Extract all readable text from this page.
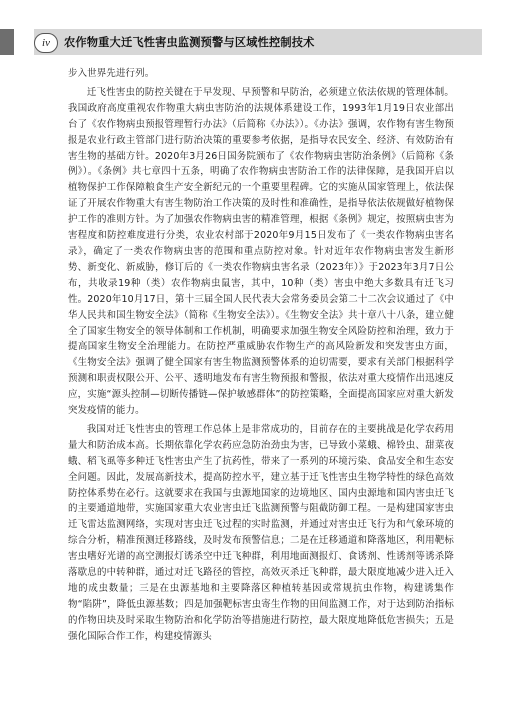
iv	农作物重大迁飞性害虫监测预警与区域性控制技术

步入世界先进行列。

迁飞性害虫的防控关键在于早发现、早预警和早防治，必须建立依法依规的管理体制。我国政府高度重视农作物重大病虫害防治的法规体系建设工作，1993年1月19日农业部出台了《农作物病虫预报管理暂行办法》（后简称《办法》）。《办法》强调，农作物有害生物预报是农业行政主管部门进行防治决策的重要参考依据，是指导农民安全、经济、有效防治有害生物的基础方针。2020年3月26日国务院颁布了《农作物病虫害防治条例》（后简称《条例》）。《条例》共七章四十五条，明确了农作物病虫害防治工作的法律保障，是我国开启以植物保护工作保障粮食生产安全新纪元的一个重要里程碑。它的实施从国家管理上，依法保证了开展农作物重大有害生物防治工作决策的及时性和准确性，是指导依法依规做好植物保护工作的准则方针。为了加强农作物病虫害的精准管理，根据《条例》规定，按照病虫害为害程度和防控难度进行分类，农业农村部于2020年9月15日发布了《一类农作物病虫害名录》，确定了一类农作物病虫害的范围和重点防控对象。针对近年农作物病虫害发生新形势、新变化、新威胁，修订后的《一类农作物病虫害名录（2023年）》于2023年3月7日公布，共收录19种（类）农作物病虫鼠害，其中，10种（类）害虫中绝大多数具有迁飞习性。2020年10月17日，第十三届全国人民代表大会常务委员会第二十二次会议通过了《中华人民共和国生物安全法》（简称《生物安全法》）。《生物安全法》共十章八十八条，建立健全了国家生物安全的领导体制和工作机制，明确要求加强生物安全风险防控和治理，致力于提高国家生物安全治理能力。在防控严重威胁农作物生产的高风险新发和突发害虫方面，《生物安全法》强调了健全国家有害生物监测预警体系的迫切需要，要求有关部门根据科学预测和职责权限公开、公平、透明地发布有害生物预报和警报，依法对重大疫情作出迅速反应，实施“源头控制—切断传播链—保护敏感群体”的防控策略，全面提高国家应对重大新发突发疫情的能力。

我国对迁飞性害虫的管理工作总体上是非常成功的，目前存在的主要挑战是化学农药用量大和防治成本高。长期依靠化学农药应急防治劲虫为害，已导致小菜蛾、棉铃虫、甜菜夜蛾、稻飞虱等多种迁飞性害虫产生了抗药性，带来了一系列的环境污染、食品安全和生态安全问题。因此，发展高新技术，提高防控水平，建立基于迁飞性害虫生物学特性的绿色高效防控体系势在必行。这就要求在我国与虫源地国家的边境地区、国内虫源地和国内害虫迁飞的主要通道地带，实施国家重大农业害虫迁飞监测预警与阻截防御工程。一是构建国家害虫迁飞雷达监测网络，实现对害虫迁飞过程的实时监测，并通过对害虫迁飞行为和气象环境的综合分析，精准预测迁移路线，及时发布预警信息；二是在迁移通道和降落地区，利用靶标害虫嗜好光谱的高空测报灯诱杀空中迁飞种群，利用地面测报灯、食诱剂、性诱剂等诱杀降落歇息的中转种群，通过对迁飞路径的管控，高效灭杀迁飞种群，最大限度地减少进入迁入地的成虫数量；三是在虫源基地和主要降落区种植转基因或常规抗虫作物，构建诱集作物“陷阱”，降低虫源基数；四是加强靶标害虫寄生作物的田间监测工作，对于达到防治指标的作物田块及时采取生物防治和化学防治等措施进行防控，最大限度地降低危害损失；五是强化国际合作工作，构建疫情源头
